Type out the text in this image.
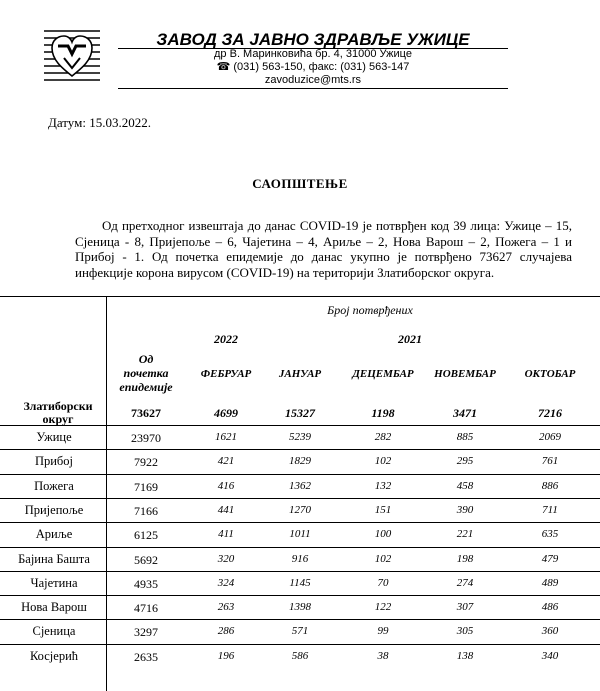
ЗАВОД ЗА ЈАВНО ЗДРАВЉЕ УЖИЦЕ
др В. Маринковића бр. 4, 31000 Ужице
☎ (031) 563-150, факс: (031) 563-147
zavoduzice@mts.rs
Датум: 15.03.2022.
САОПШТЕЊЕ
Од претходног извештаја до данас COVID-19 је потврђен код 39 лица: Ужице – 15, Сјеница - 8, Пријепоље – 6, Чајетина – 4, Ариље – 2, Нова Варош – 2, Пожега – 1 и Прибој - 1. Од почетка епидемије до данас укупно је потврђено 73627 случајева инфекције корона вирусом (COVID-19) на територији Златиборског округа.
Број потврђених
2022	2021
Од
почетка
епидемије
ФЕБРУАР	ЈАНУАР	ДЕЦЕМБАР	НОВЕМБАР	ОКТОБАР
Златиборски
округ	73627	4699	15327	1198	3471	7216
Ужице	23970	1621	5239	282	885	2069
Прибој	7922	421	1829	102	295	761
Пожега	7169	416	1362	132	458	886
Пријепоље	7166	441	1270	151	390	711
Ариље	6125	411	1011	100	221	635
Бајина Башта	5692	320	916	102	198	479
Чајетина	4935	324	1145	70	274	489
Нова Варош	4716	263	1398	122	307	486
Сјеница	3297	286	571	99	305	360
Косјерић	2635	196	586	38	138	340
